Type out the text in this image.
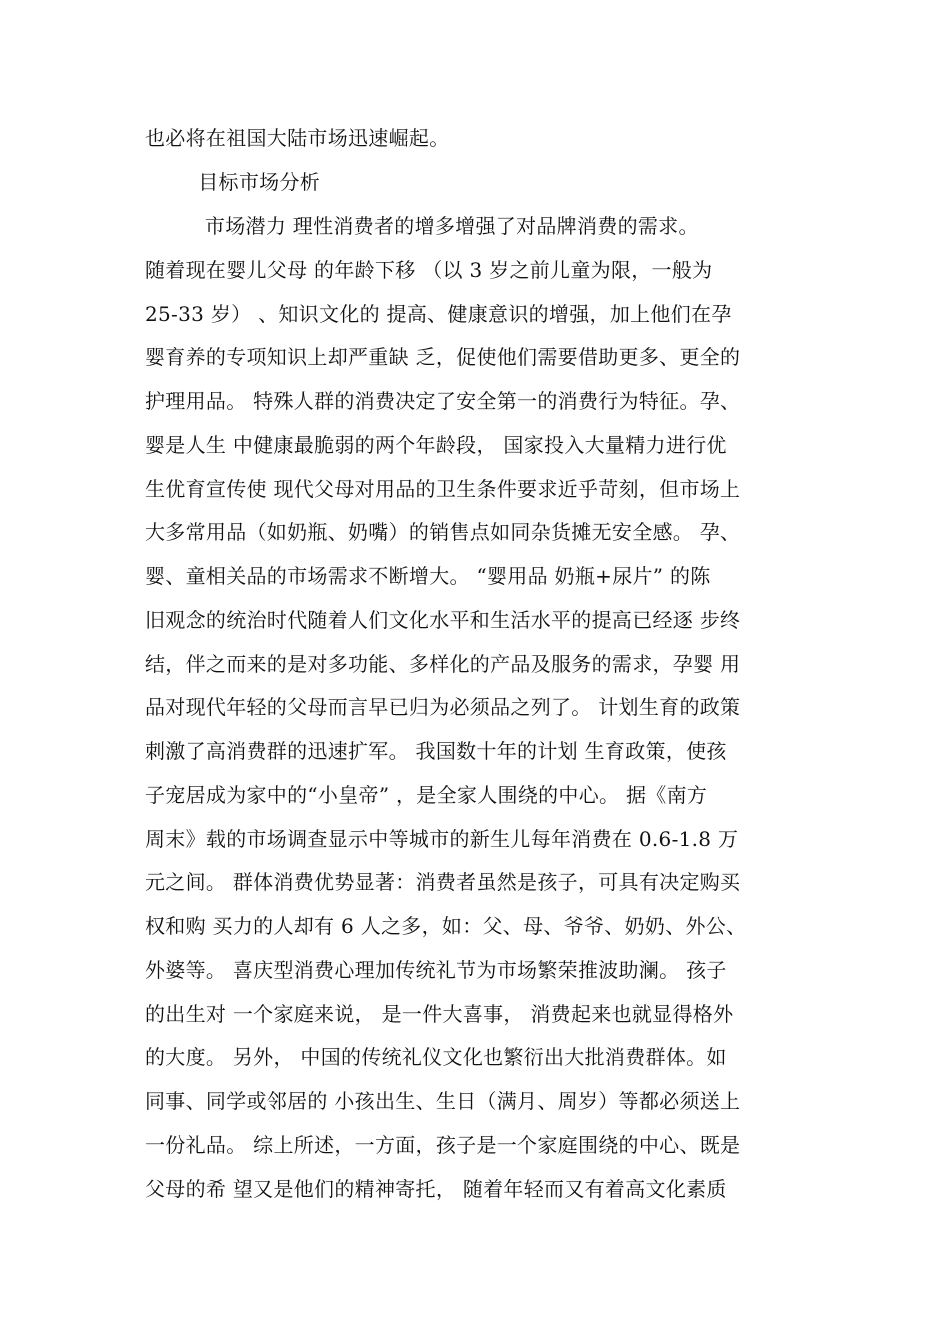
也必将在祖国大陆市场迅速崛起。
目标市场分析
市场潜力 理性消费者的增多增强了对品牌消费的需求。
随着现在婴儿父母 的年龄下移 （以 3 岁之前儿童为限，一般为
25-33 岁） 、知识文化的 提高、健康意识的增强，加上他们在孕
婴育养的专项知识上却严重缺 乏，促使他们需要借助更多、更全的
护理用品。 特殊人群的消费决定了安全第一的消费行为特征。孕、
婴是人生 中健康最脆弱的两个年龄段， 国家投入大量精力进行优
生优育宣传使 现代父母对用品的卫生条件要求近乎苛刻，但市场上
大多常用品（如奶瓶、奶嘴）的销售点如同杂货摊无安全感。 孕、
婴、童相关品的市场需求不断增大。 “婴用品 奶瓶+尿片” 的陈
旧观念的统治时代随着人们文化水平和生活水平的提高已经逐 步终
结，伴之而来的是对多功能、多样化的产品及服务的需求，孕婴 用
品对现代年轻的父母而言早已归为必须品之列了。 计划生育的政策
刺激了高消费群的迅速扩军。 我国数十年的计划 生育政策，使孩
子宠居成为家中的“小皇帝” ，是全家人围绕的中心。 据《南方
周末》载的市场调查显示中等城市的新生儿每年消费在 0.6-1.8 万
元之间。 群体消费优势显著：消费者虽然是孩子，可具有决定购买
权和购 买力的人却有 6 人之多，如：父、母、爷爷、奶奶、外公、
外婆等。 喜庆型消费心理加传统礼节为市场繁荣推波助澜。 孩子
的出生对 一个家庭来说， 是一件大喜事， 消费起来也就显得格外
的大度。 另外， 中国的传统礼仪文化也繁衍出大批消费群体。如
同事、同学或邻居的 小孩出生、生日（满月、周岁）等都必须送上
一份礼品。 综上所述，一方面，孩子是一个家庭围绕的中心、既是
父母的希 望又是他们的精神寄托， 随着年轻而又有着高文化素质
